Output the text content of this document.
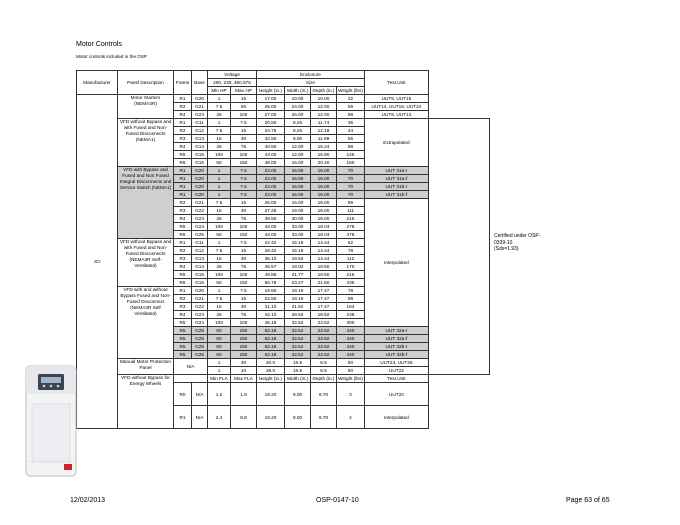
Motor Controls
Motor controls included in the OSP
Manufacturer	Panel Description	Frame	Base	Voltage		Enclosure				Test Unit	
				200, 230, 460,575		Size					
				Min HP	Max HP	Height (in.)	Width (in.)	Depth (in.)	Weight (lbs)		
JCI	Motor Starters (NEMA3R)	R1	G20	1	15	17.00	10.00	10.00	22	UUT5, UUT15	
		R2	G21	7.5	60	25.00	24.00	12.00	59	UUT14, UUT18, UUT24	
		R4	G23	25	100	27.00	26.00	12.00	88	UUT8, UUT13	
	VFD without Bypass and with Fused and Non-Fused Disconnects (NEMA1)	R1	G11	1	7.5	20.50	8.25	11.74	36	Extrapolated	
		R2	G12	7.5	15	24.75	8.25	12.18	44		
		R3	G13	15	30	32.50	9.00	11.99	56		
		R4	G14	25	75	40.50	12.00	15.24	88		
		R5	G15	100	100	43.00	12.00	16.90	125		
		R6	G16	50	150	48.00	16.00	20.40	150		
	VFD with Bypass and Fused and Non Fused Integral Disconnects and Service Switch (NEMA1)	R1	G20	1	7.5	23.00	16.00	16.00	70	UUT 31a-r	
		R1	G20	1	7.5	23.00	16.00	16.00	70	UUT 31a-f	
		R1	G20	1	7.5	23.00	16.00	16.00	70	UUT 31b-r	
		R1	G20	1	7.5	23.00	16.00	16.00	70	UUT 31b-f	
		R2	G21	7.5	15	26.00	16.00	16.00	89	Interpolated	
		R3	G22	15	30	27.25	19.00	16.00	111		
		R4	G23	25	75	39.50	30.00	16.00	215		
		R5	G24	100	100	44.00	33.00	18.03	278		
		R6	G25	50	150	44.00	33.00	18.03	378		
	VFD without Bypass and with Fused and Non-Fused Disconnects (NEMA3R Self-Ventilated)	R1	G11	1	7.5	22.42	15.19	14.44	62		
		R2	G12	7.5	15	28.42	15.19	14.44	78		
		R3	G13	15	30	35.10	18.52	14.44	112		
		R4	G14	25	75	45.57	18.02	18.50	170		
		R5	G15	100	100	49.88	21.77	18.50	216		
		R6	G16	50	150	56.78	23.27	21.50	335		
	VFD with and without Bypass Fused and Non-Fused Disconnect (NEMA3R Self Ventilated)	R1	G20	1	7.5	19.50	18.19	17.47	78		
		R2	G21	7.5	15	22.50	18.19	17.47	98		
		R3	G22	15	30	31.10	21.52	17.47	164		
		R4	G23	25	75	42.10	28.52	18.52	238		
		R5	G24	100	100	46.18	32.52	22.52	300		
		R6	G25	50	150	52.18	32.52	22.52	440	UUT 32a-r	
		R6	G25	50	150	52.18	32.52	22.52	440	UUT 32a-f	
		R6	G25	50	150	52.18	32.52	22.52	440	UUT 32b-r	
		R6	G25	50	150	52.18	32.52	22.52	440	UUT 32b-f	
	Manual Motor Protection Panel	N/A		1	30	20.0	16.5	6.5	50	UUT23, UUT26	
				1	10	28.0	16.5	6.5	60	UUT22	
	VFD without Bypass for Energy Wheels			Min FLA	Max FLA	Height (in.)	Width (in.)	Depth (in.)	Weight (lbs)	Test Unit	
		R0	N/A	1.2	1.9	19.20	9.00	8.70	3	UUT20	
		R1	N/A	2.4	8.8	19.20	9.00	8.70	4	Interpolated	
Certified under OSP-
0339-10
(Sds=1.93)
12/02/2013	OSP-0147-10	Page 63 of 65
